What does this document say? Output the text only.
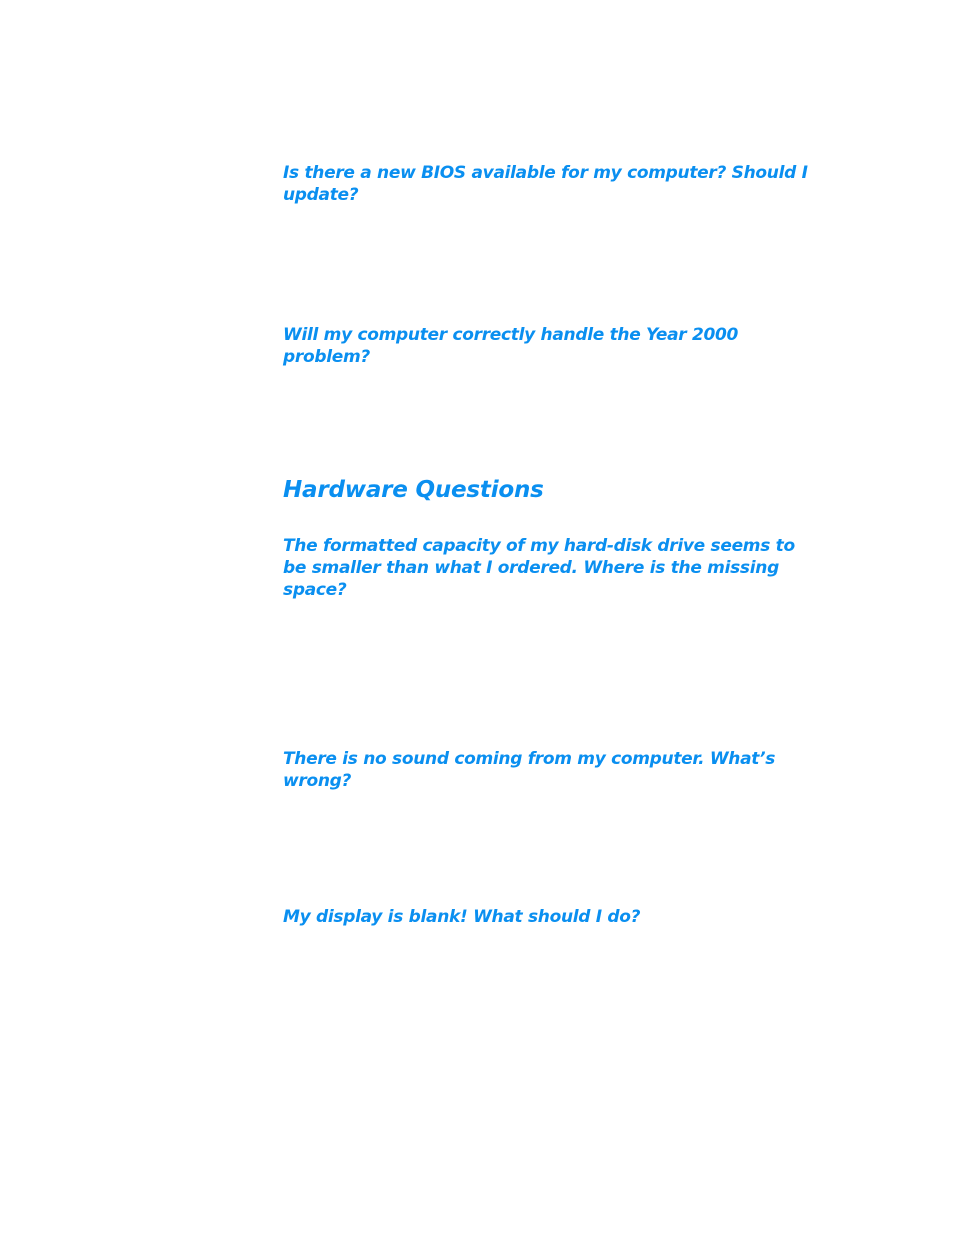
Is there a new BIOS available for my computer? Should I update?

Will my computer correctly handle the Year 2000 problem?

Hardware Questions

The formatted capacity of my hard-disk drive seems to be smaller than what I ordered. Where is the missing space?

There is no sound coming from my computer. What’s wrong?

My display is blank! What should I do?
